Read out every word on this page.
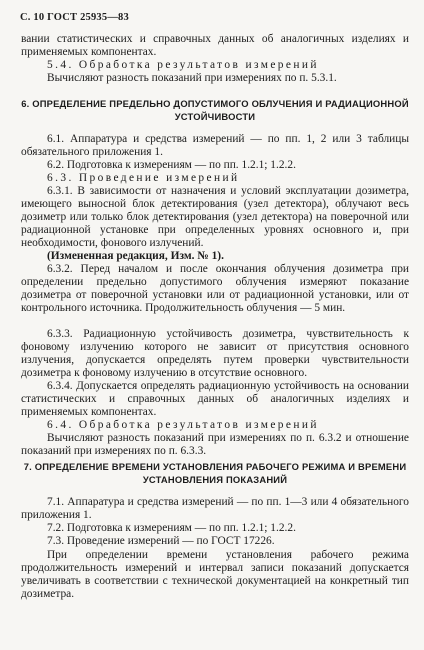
С. 10 ГОСТ 25935—83
вании статистических и справочных данных об аналогичных изделиях и применяемых компонентах.
5.4. Обработка результатов измерений
Вычисляют разность показаний при измерениях по п. 5.3.1.
6. ОПРЕДЕЛЕНИЕ ПРЕДЕЛЬНО ДОПУСТИМОГО ОБЛУЧЕНИЯ И РАДИАЦИОННОЙ УСТОЙЧИВОСТИ
6.1. Аппаратура и средства измерений — по пп. 1, 2 или 3 таблицы обязательного приложения 1.
6.2. Подготовка к измерениям — по пп. 1.2.1; 1.2.2.
6.3. Проведение измерений
6.3.1. В зависимости от назначения и условий эксплуатации дозиметра, имеющего выносной блок детектирования (узел детектора), облучают весь дозиметр или только блок детектирования (узел детектора) на поверочной или радиационной установке при определенных уровнях основного и, при необходимости, фонового излучений.
(Измененная редакция, Изм. № 1).
6.3.2. Перед началом и после окончания облучения дозиметра при определении предельно допустимого облучения измеряют показание дозиметра от поверочной установки или от радиационной установки, или от контрольного источника. Продолжительность облучения — 5 мин.
6.3.3. Радиационную устойчивость дозиметра, чувствительность к фоновому излучению которого не зависит от присутствия основного излучения, допускается определять путем проверки чувствительности дозиметра к фоновому излучению в отсутствие основного.
6.3.4. Допускается определять радиационную устойчивость на основании статистических и справочных данных об аналогичных изделиях и применяемых компонентах.
6.4. Обработка результатов измерений
Вычисляют разность показаний при измерениях по п. 6.3.2 и отношение показаний при измерениях по п. 6.3.3.
7. ОПРЕДЕЛЕНИЕ ВРЕМЕНИ УСТАНОВЛЕНИЯ РАБОЧЕГО РЕЖИМА И ВРЕМЕНИ УСТАНОВЛЕНИЯ ПОКАЗАНИЙ
7.1. Аппаратура и средства измерений — по пп. 1—3 или 4 обязательного приложения 1.
7.2. Подготовка к измерениям — по пп. 1.2.1; 1.2.2.
7.3. Проведение измерений — по ГОСТ 17226.
При определении времени установления рабочего режима продолжительность измерений и интервал записи показаний допускается увеличивать в соответствии с технической документацией на конкретный тип дозиметра.
